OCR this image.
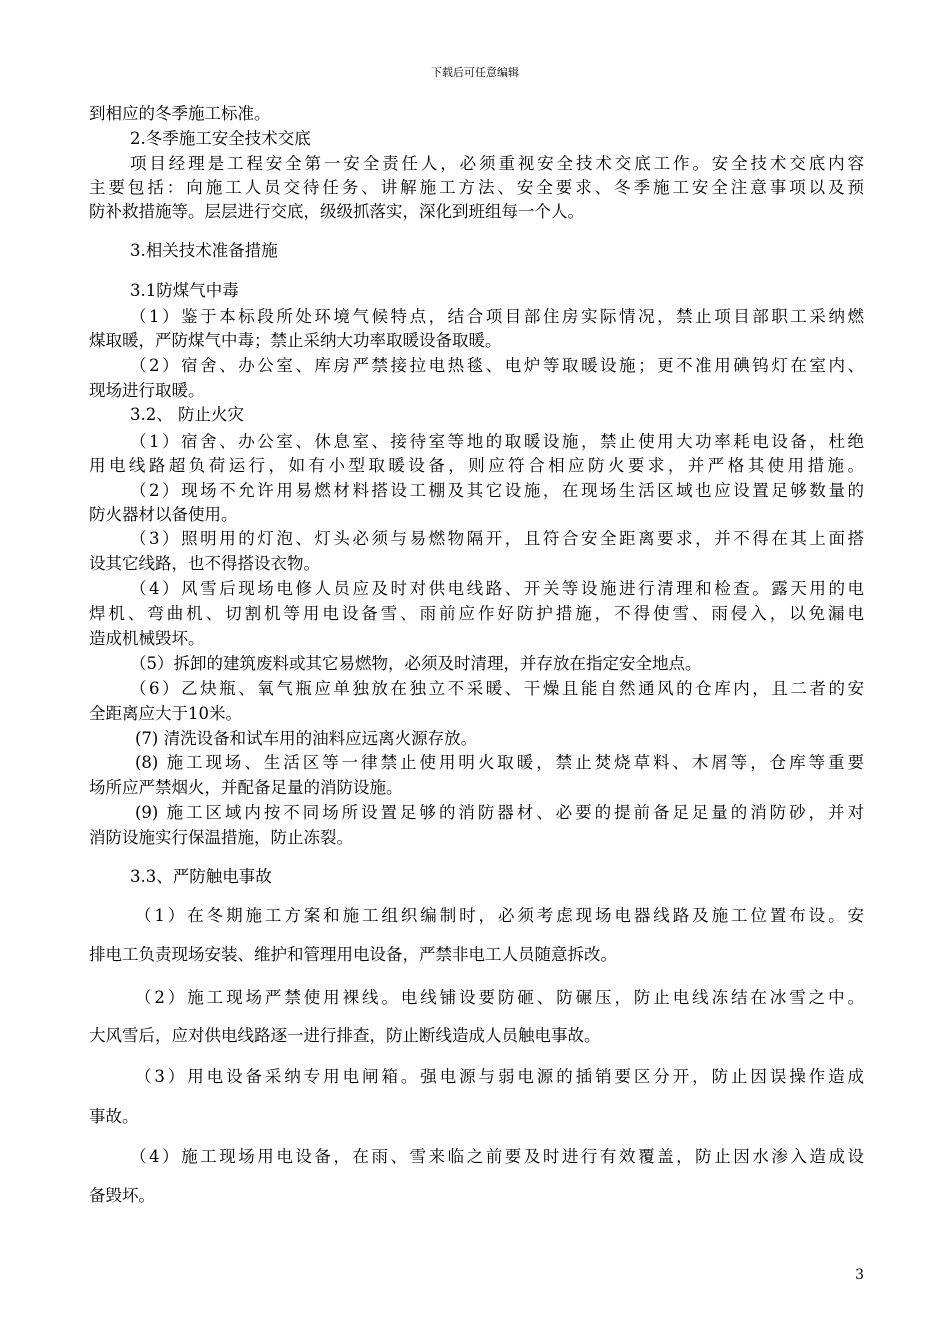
下载后可任意编辑
到相应的冬季施工标准。
2.冬季施工安全技术交底
项目经理是工程安全第一安全责任人，必须重视安全技术交底工作。安全技术交底内容
主要包括：向施工人员交待任务、讲解施工方法、安全要求、冬季施工安全注意事项以及预
防补救措施等。层层进行交底，级级抓落实，深化到班组每一个人。
3.相关技术准备措施
3.1防煤气中毒
（1）鉴于本标段所处环境气候特点，结合项目部住房实际情况，禁止项目部职工采纳燃
煤取暖，严防煤气中毒；禁止采纳大功率取暖设备取暖。
（2）宿舍、办公室、库房严禁接拉电热毯、电炉等取暖设施；更不准用碘钨灯在室内、
现场进行取暖。
3.2、 防止火灾
（1）宿舍、办公室、休息室、接待室等地的取暖设施，禁止使用大功率耗电设备，杜绝
用电线路超负荷运行，如有小型取暖设备，则应符合相应防火要求，并严格其使用措施。
（2）现场不允许用易燃材料搭设工棚及其它设施，在现场生活区域也应设置足够数量的
防火器材以备使用。
（3）照明用的灯泡、灯头必须与易燃物隔开，且符合安全距离要求，并不得在其上面搭
设其它线路，也不得搭设衣物。
（4）风雪后现场电修人员应及时对供电线路、开关等设施进行清理和检查。露天用的电
焊机、弯曲机、切割机等用电设备雪、雨前应作好防护措施，不得使雪、雨侵入，以免漏电
造成机械毁坏。
（5）拆卸的建筑废料或其它易燃物，必须及时清理，并存放在指定安全地点。
（6）乙炔瓶、氧气瓶应单独放在独立不采暖、干燥且能自然通风的仓库内，且二者的安
全距离应大于10米。
(7) 清洗设备和试车用的油料应远离火源存放。
(8) 施工现场、生活区等一律禁止使用明火取暖，禁止焚烧草料、木屑等，仓库等重要
场所应严禁烟火，并配备足量的消防设施。
(9) 施工区域内按不同场所设置足够的消防器材、必要的提前备足足量的消防砂，并对
消防设施实行保温措施，防止冻裂。
3.3、严防触电事故
（1）在冬期施工方案和施工组织编制时，必须考虑现场电器线路及施工位置布设。安
排电工负责现场安装、维护和管理用电设备，严禁非电工人员随意拆改。
（2）施工现场严禁使用裸线。电线铺设要防砸、防碾压，防止电线冻结在冰雪之中。
大风雪后，应对供电线路逐一进行排查，防止断线造成人员触电事故。
（3）用电设备采纳专用电闸箱。强电源与弱电源的插销要区分开，防止因误操作造成
事故。
（4）施工现场用电设备，在雨、雪来临之前要及时进行有效覆盖，防止因水渗入造成设
备毁坏。
3
